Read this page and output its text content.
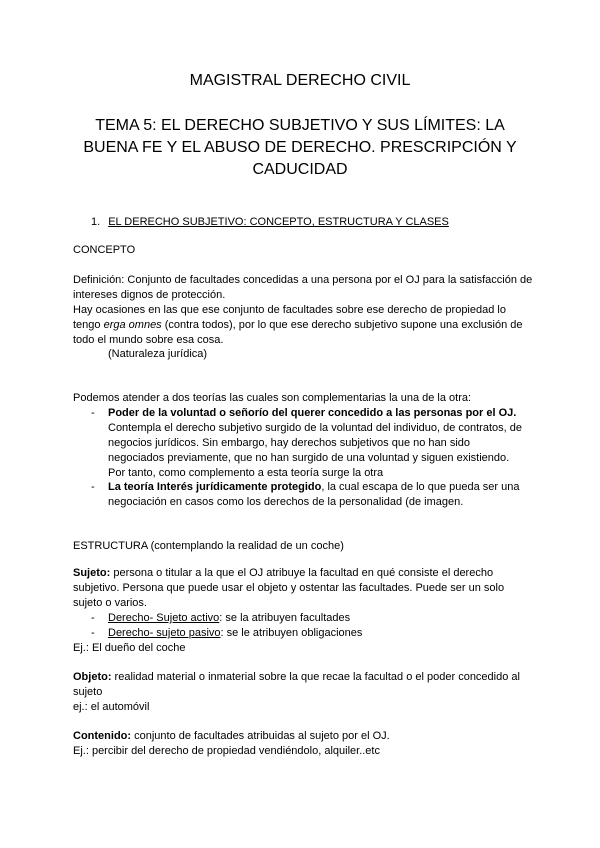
MAGISTRAL DERECHO CIVIL
TEMA 5: EL DERECHO SUBJETIVO Y SUS LÍMITES: LA BUENA FE Y EL ABUSO DE DERECHO. PRESCRIPCIÓN Y CADUCIDAD
1. EL DERECHO SUBJETIVO: CONCEPTO, ESTRUCTURA Y CLASES
CONCEPTO
Definición: Conjunto de facultades concedidas a una persona por el OJ para la satisfacción de intereses dignos de protección.
Hay ocasiones en las que ese conjunto de facultades sobre ese derecho de propiedad lo tengo erga omnes (contra todos), por lo que ese derecho subjetivo supone una exclusión de todo el mundo sobre esa cosa.
(Naturaleza jurídica)
Podemos atender a dos teorías las cuales son complementarias la una de la otra:
- Poder de la voluntad o señorío del querer concedido a las personas por el OJ. Contempla el derecho subjetivo surgido de la voluntad del individuo, de contratos, de negocios jurídicos. Sin embargo, hay derechos subjetivos que no han sido negociados previamente, que no han surgido de una voluntad y siguen existiendo. Por tanto, como complemento a esta teoría surge la otra
- La teoría Interés jurídicamente protegido, la cual escapa de lo que pueda ser una negociación en casos como los derechos de la personalidad (de imagen.
ESTRUCTURA (contemplando la realidad de un coche)
Sujeto: persona o titular a la que el OJ atribuye la facultad en qué consiste el derecho subjetivo. Persona que puede usar el objeto y ostentar las facultades. Puede ser un solo sujeto o varios.
- Derecho- Sujeto activo: se la atribuyen facultades
- Derecho- sujeto pasivo: se le atribuyen obligaciones
Ej.: El dueño del coche
Objeto: realidad material o inmaterial sobre la que recae la facultad o el poder concedido al sujeto
ej.: el automóvil
Contenido: conjunto de facultades atribuidas al sujeto por el OJ.
Ej.: percibir del derecho de propiedad vendiéndolo, alquiler..etc
